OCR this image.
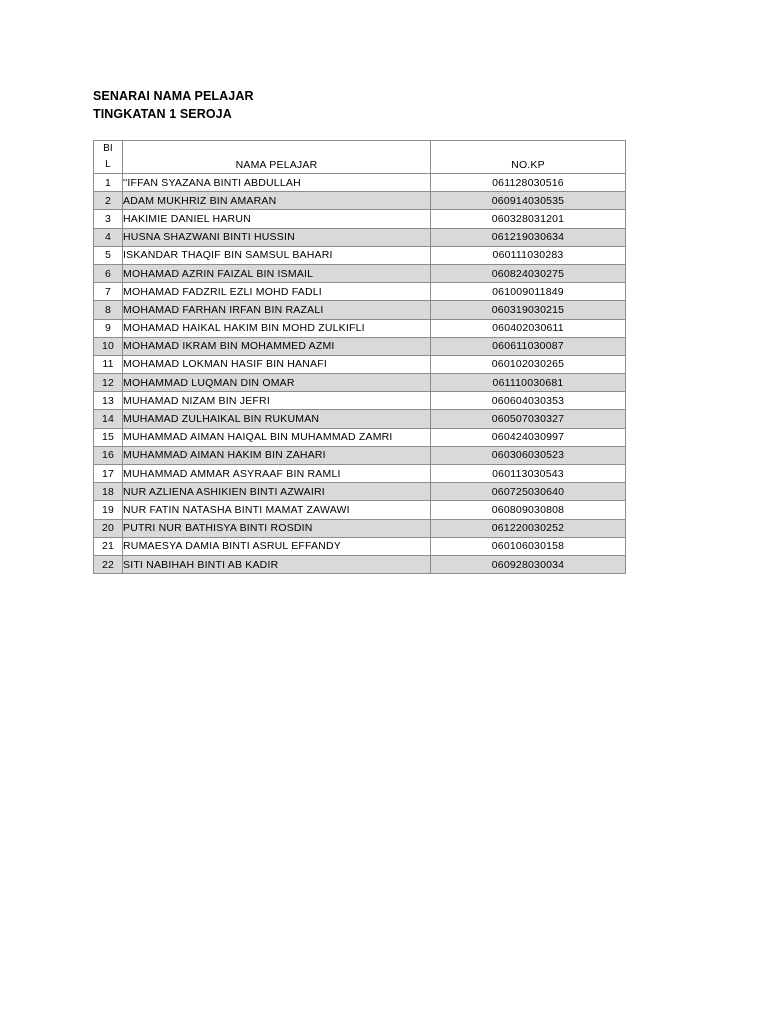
SENARAI NAMA PELAJAR
TINGKATAN 1 SEROJA
BI
L	NAMA PELAJAR	NO.KP
1	''IFFAN SYAZANA BINTI ABDULLAH	061128030516
2	ADAM MUKHRIZ BIN AMARAN	060914030535
3	HAKIMIE DANIEL HARUN	060328031201
4	HUSNA SHAZWANI BINTI HUSSIN	061219030634
5	ISKANDAR THAQIF BIN SAMSUL BAHARI	060111030283
6	MOHAMAD AZRIN FAIZAL BIN ISMAIL	060824030275
7	MOHAMAD FADZRIL EZLI MOHD FADLI	061009011849
8	MOHAMAD FARHAN IRFAN BIN RAZALI	060319030215
9	MOHAMAD HAIKAL HAKIM BIN MOHD ZULKIFLI	060402030611
10	MOHAMAD IKRAM BIN MOHAMMED AZMI	060611030087
11	MOHAMAD LOKMAN HASIF BIN HANAFI	060102030265
12	MOHAMMAD LUQMAN DIN OMAR	061110030681
13	MUHAMAD NIZAM BIN JEFRI	060604030353
14	MUHAMAD ZULHAIKAL BIN RUKUMAN	060507030327
15	MUHAMMAD AIMAN HAIQAL BIN MUHAMMAD ZAMRI	060424030997
16	MUHAMMAD AIMAN HAKIM BIN ZAHARI	060306030523
17	MUHAMMAD AMMAR ASYRAAF BIN RAMLI	060113030543
18	NUR AZLIENA ASHIKIEN BINTI AZWAIRI	060725030640
19	NUR FATIN NATASHA BINTI MAMAT ZAWAWI	060809030808
20	PUTRI NUR BATHISYA BINTI ROSDIN	061220030252
21	RUMAESYA DAMIA BINTI ASRUL EFFANDY	060106030158
22	SITI NABIHAH BINTI AB KADIR	060928030034
